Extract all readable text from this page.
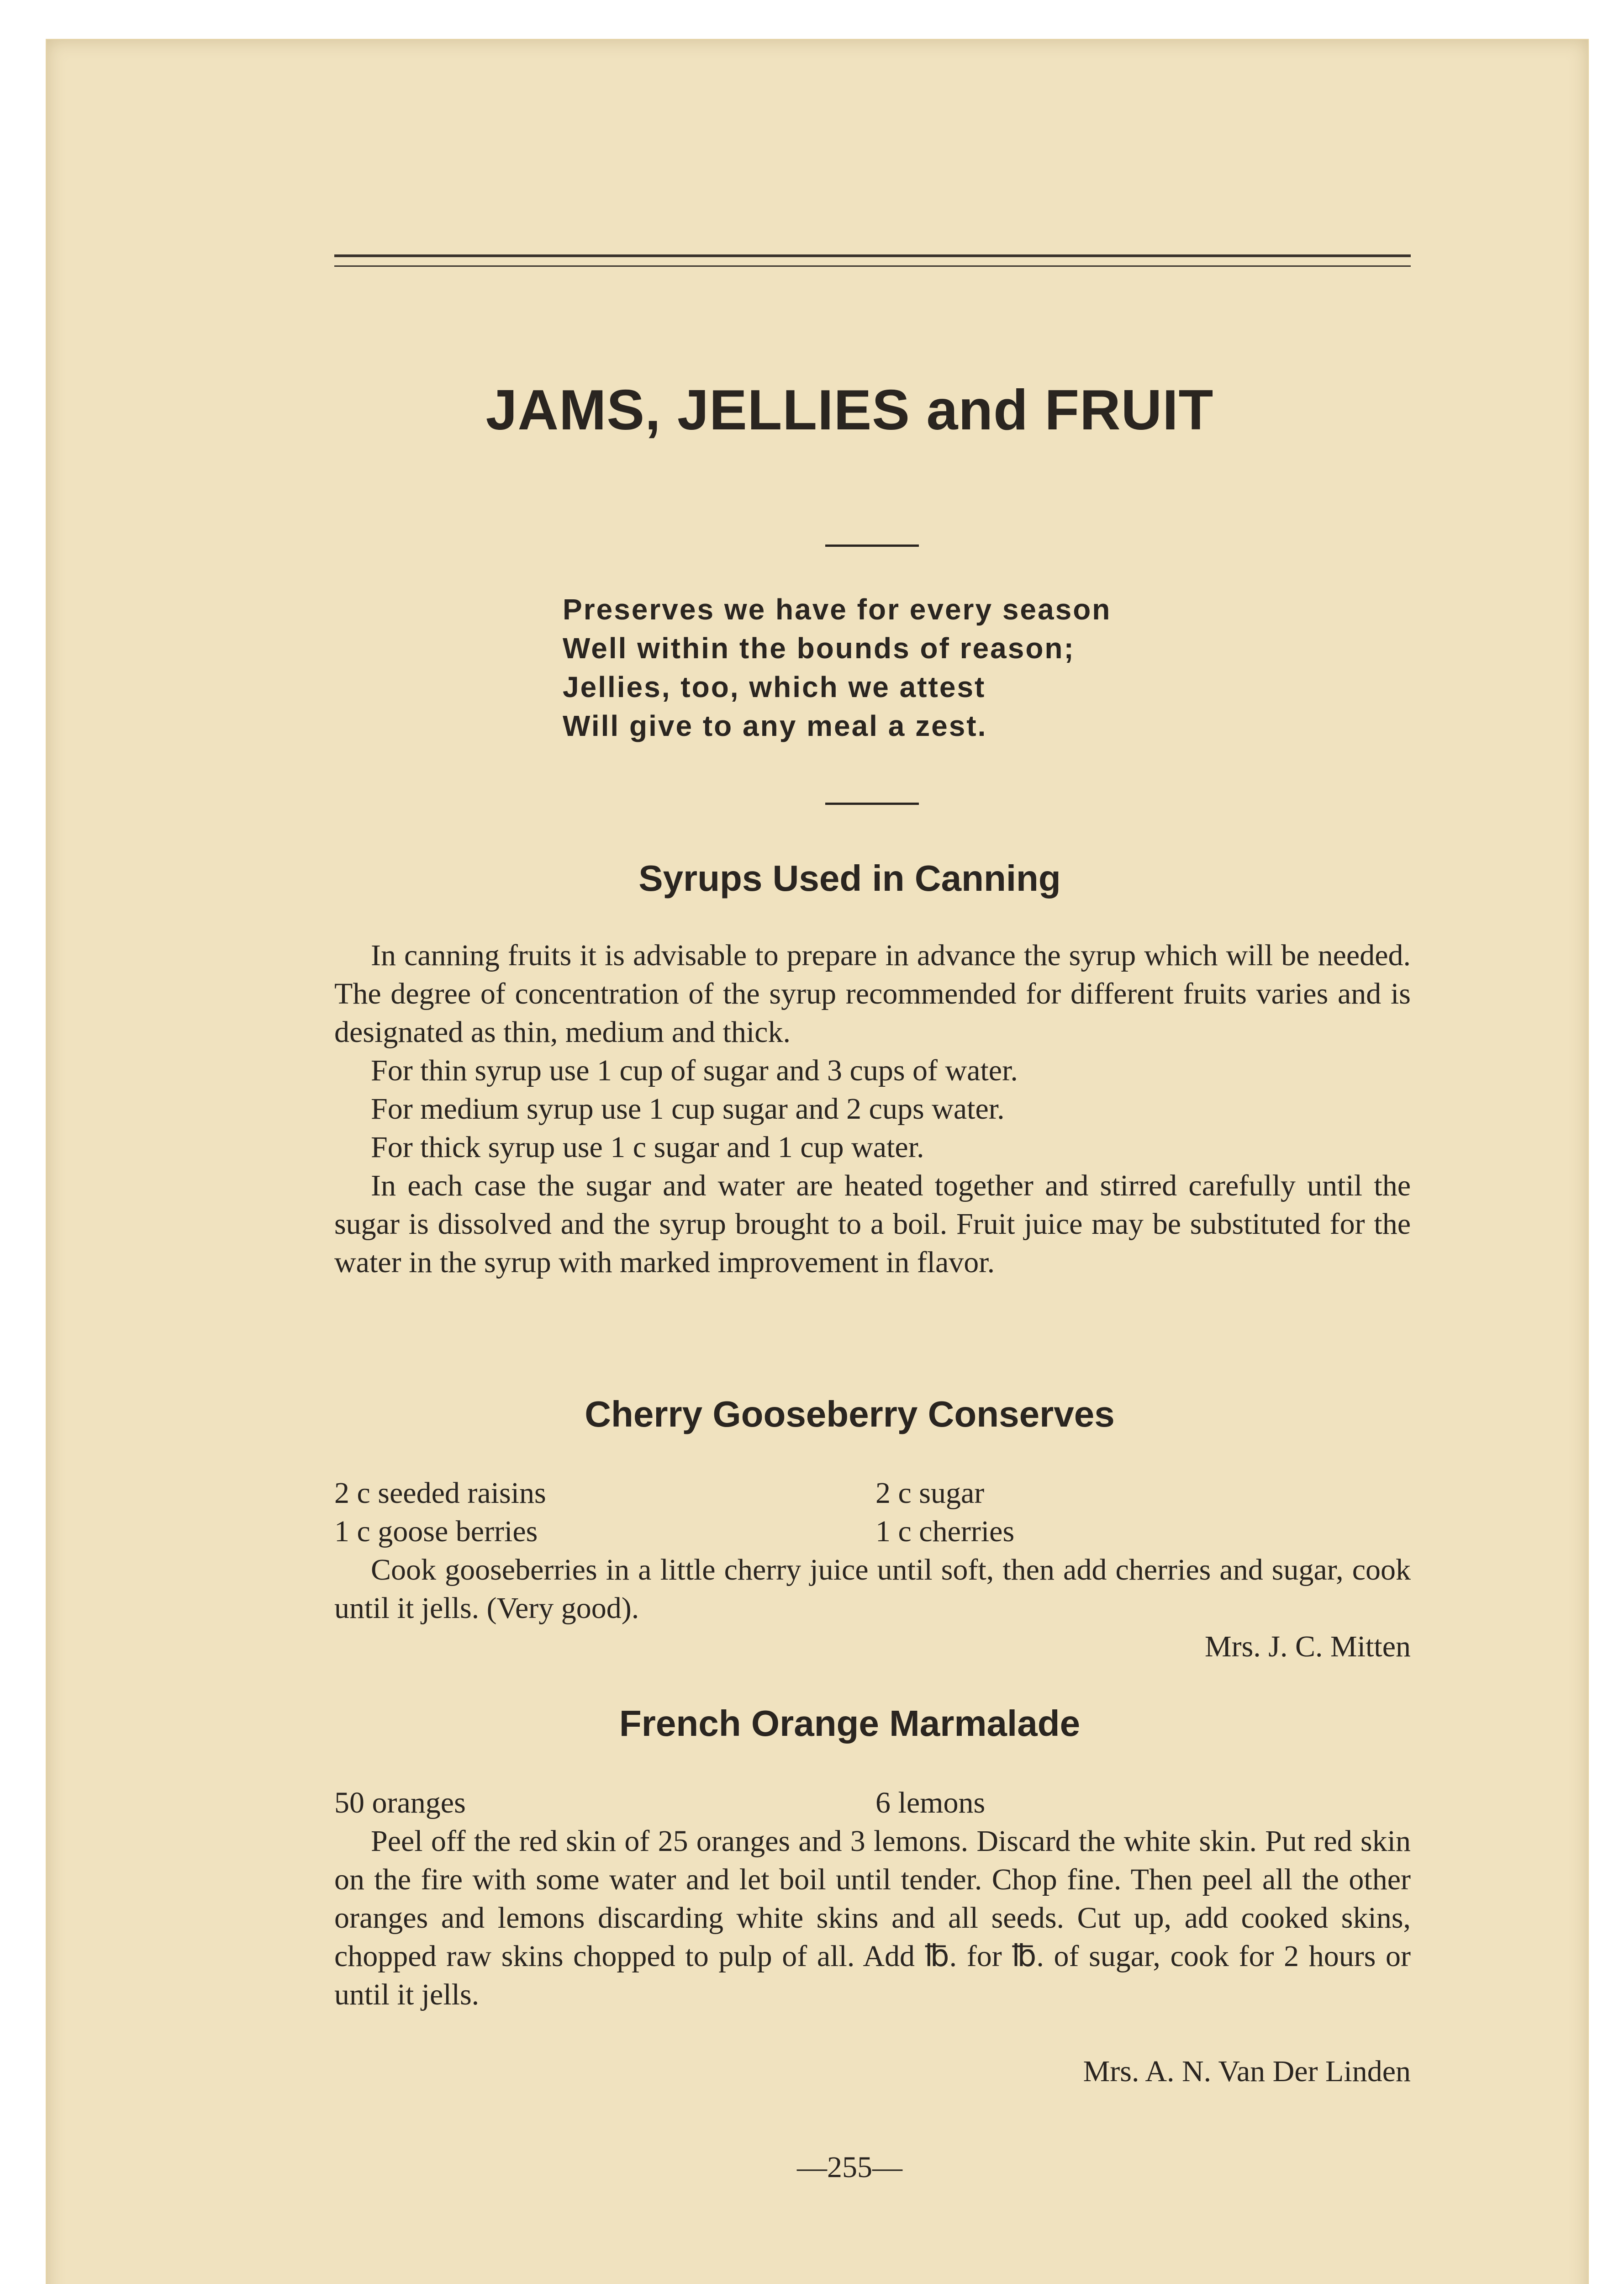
JAMS, JELLIES and FRUIT
Preserves we have for every season
Well within the bounds of reason;
Jellies, too, which we attest
Will give to any meal a zest.
Syrups Used in Canning
In canning fruits it is advisable to prepare in advance the syrup which will be needed. The degree of concentration of the syrup recommended for different fruits varies and is designated as thin, medium and thick.
For thin syrup use 1 cup of sugar and 3 cups of water.
For medium syrup use 1 cup sugar and 2 cups water.
For thick syrup use 1 c sugar and 1 cup water.
In each case the sugar and water are heated together and stirred carefully until the sugar is dissolved and the syrup brought to a boil. Fruit juice may be substituted for the water in the syrup with marked improvement in flavor.
Cherry Gooseberry Conserves
2 c seeded raisins	2 c sugar
1 c goose berries	1 c cherries
Cook gooseberries in a little cherry juice until soft, then add cherries and sugar, cook until it jells. (Very good).
Mrs. J. C. Mitten
French Orange Marmalade
50 oranges	6 lemons
Peel off the red skin of 25 oranges and 3 lemons. Discard the white skin. Put red skin on the fire with some water and let boil until tender. Chop fine. Then peel all the other oranges and lemons discarding white skins and all seeds. Cut up, add cooked skins, chopped raw skins chopped to pulp of all. Add ℔. for ℔. of sugar, cook for 2 hours or until it jells.
Mrs. A. N. Van Der Linden
—255—
